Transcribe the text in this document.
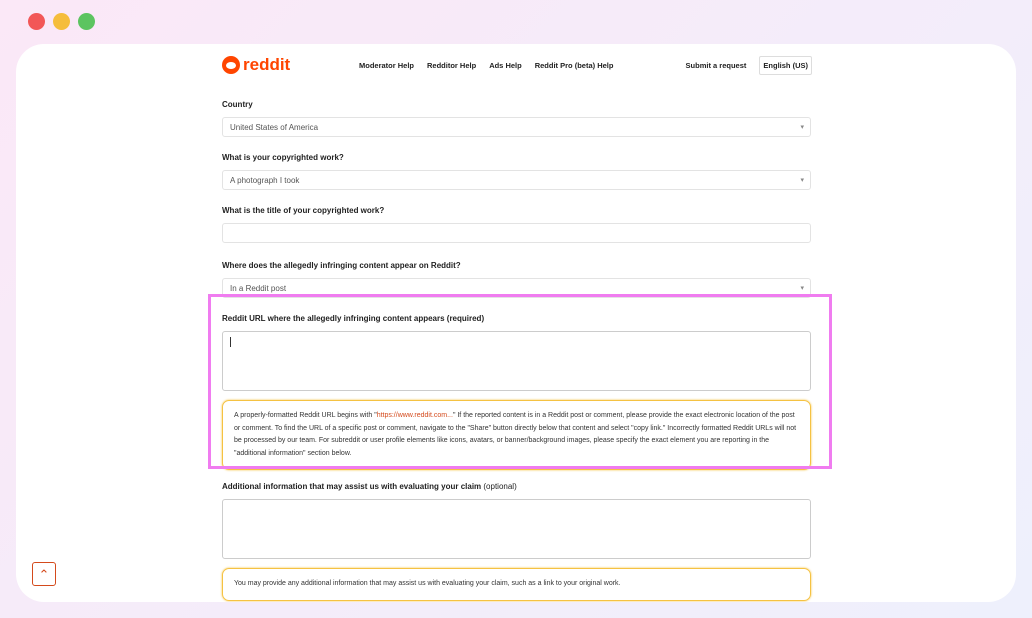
reddit	Moderator Help Redditor Help Ads Help Reddit Pro (beta) Help	Submit a request	English (US)
Country
United States of America ▾
What is your copyrighted work?
A photograph I took ▾
What is the title of your copyrighted work?
Where does the allegedly infringing content appear on Reddit?
In a Reddit post ▾
Reddit URL where the allegedly infringing content appears (required)
A properly-formatted Reddit URL begins with "https://www.reddit.com..." If the reported content is in a Reddit post or comment, please provide the exact electronic location of the post or comment. To find the URL of a specific post or comment, navigate to the "Share" button directly below that content and select "copy link." Incorrectly formatted Reddit URLs will not be processed by our team. For subreddit or user profile elements like icons, avatars, or banner/background images, please specify the exact element you are reporting in the "additional information" section below.
Additional information that may assist us with evaluating your claim (optional)
You may provide any additional information that may assist us with evaluating your claim, such as a link to your original work.
⌃
